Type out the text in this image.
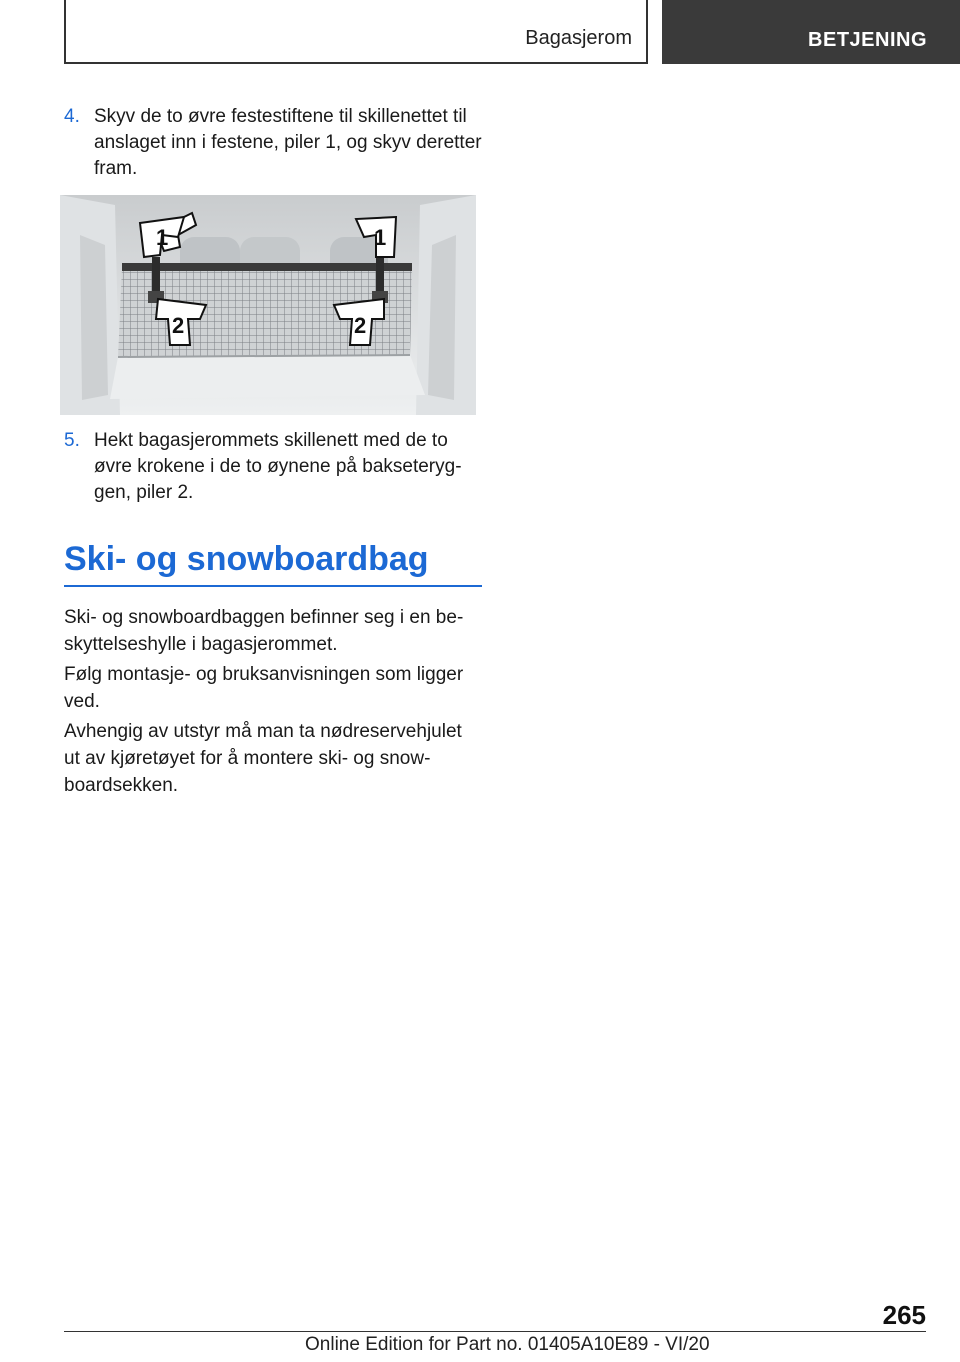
Bagasjerom	BETJENING
4. Skyv de to øvre festestiftene til skillenettet til
anslaget inn i festene, piler 1, og skyv deretter
fram.
1	1
2	2
5. Hekt bagasjerommets skillenett med de to
øvre krokene i de to øynene på bakseteryg-
gen, piler 2.
Ski- og snowboardbag
Ski- og snowboardbaggen befinner seg i en be-
skyttelseshylle i bagasjerommet.
Følg montasje- og bruksanvisningen som ligger
ved.
Avhengig av utstyr må man ta nødreservehjulet
ut av kjøretøyet for å montere ski- og snow-
boardsekken.
265
Online Edition for Part no. 01405A10E89 - VI/20
